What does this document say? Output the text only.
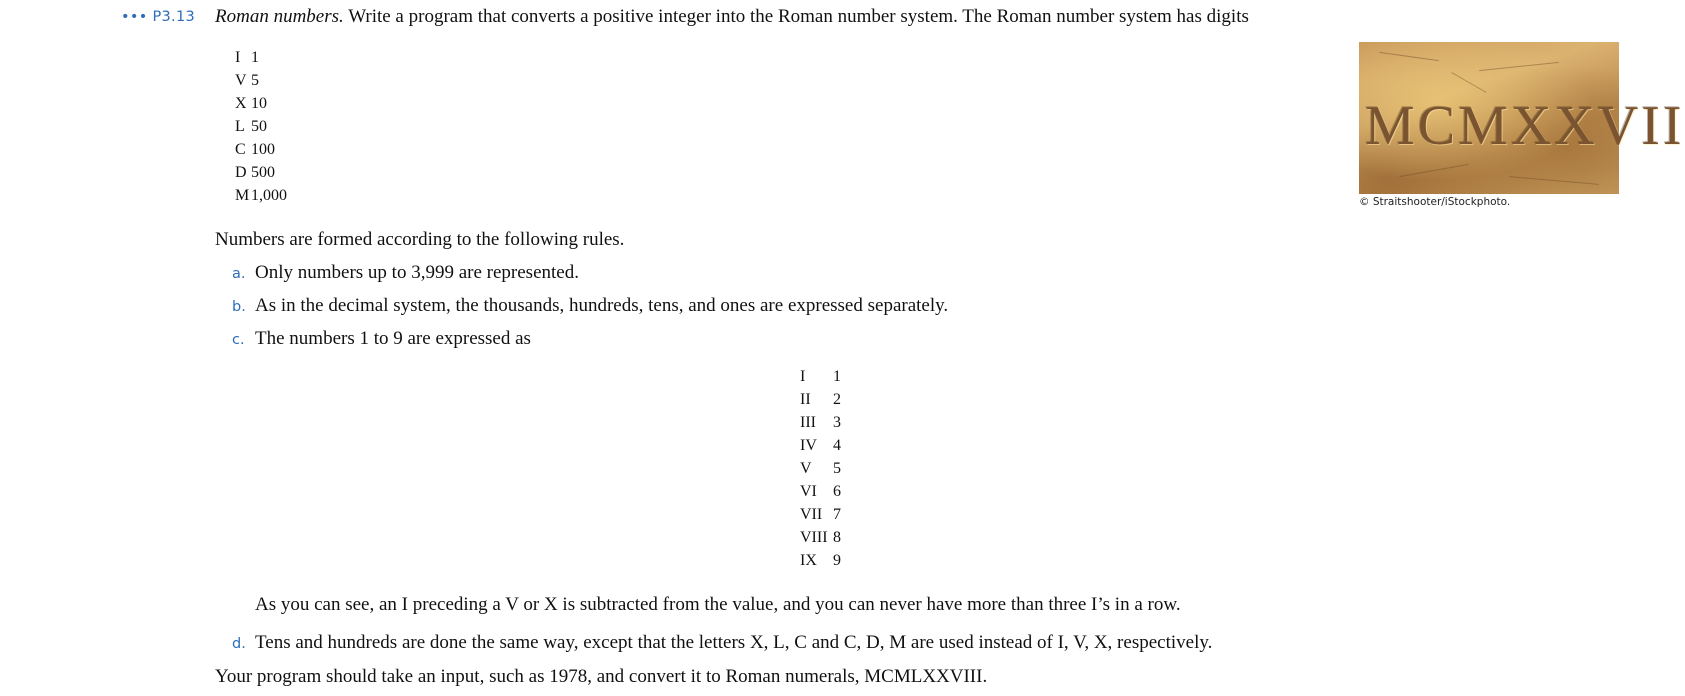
••• P3.13 Roman numbers. Write a program that converts a positive integer into the Roman number system. The Roman number system has digits
I 1
V 5
X 10
L 50
C 100
D 500
M 1,000
MCMXXVII
© Straitshooter/iStockphoto.
Numbers are formed according to the following rules.
a. Only numbers up to 3,999 are represented.
b. As in the decimal system, the thousands, hundreds, tens, and ones are expressed separately.
c. The numbers 1 to 9 are expressed as
I	1
II	2
III	3
IV	4
V	5
VI	6
VII 7
VIII 8
IX	9
As you can see, an I preceding a V or X is subtracted from the value, and you can never have more than three I’s in a row.
d. Tens and hundreds are done the same way, except that the letters X, L, C and C, D, M are used instead of I, V, X, respectively.
Your program should take an input, such as 1978, and convert it to Roman numerals, MCMLXXVIII.
